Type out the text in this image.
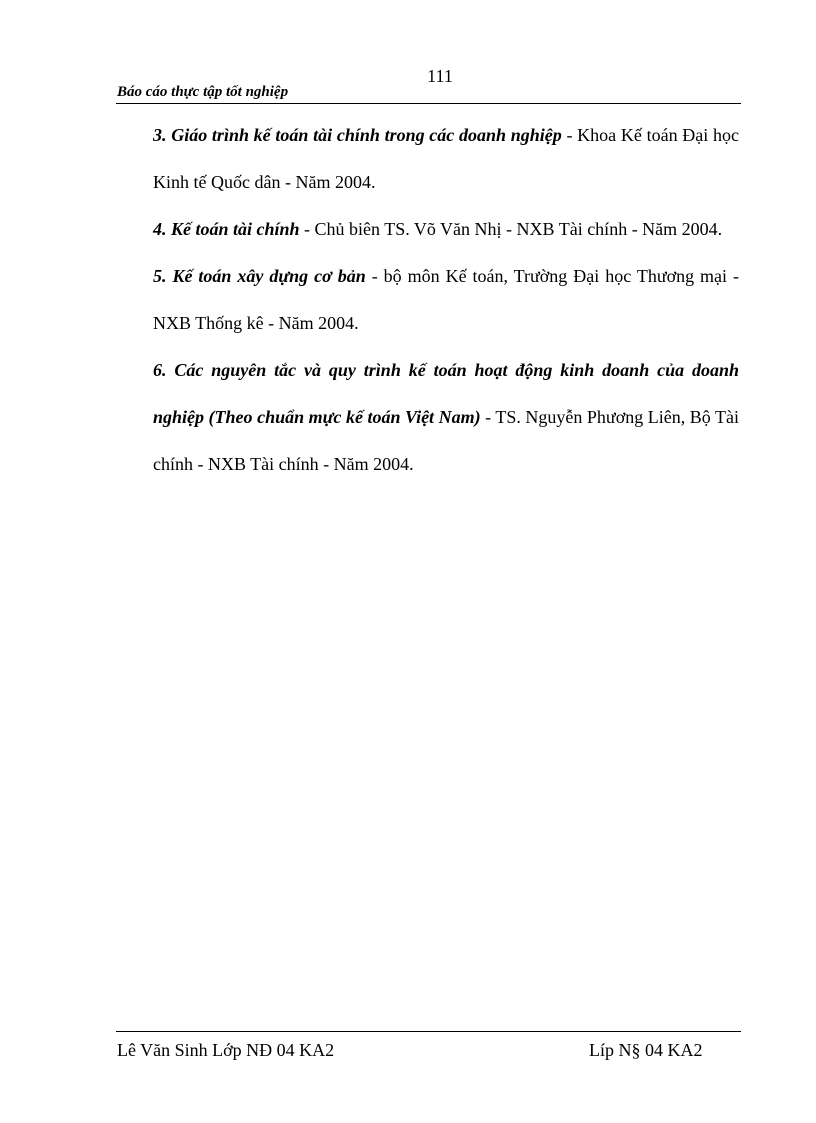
111
Báo cáo thực tập tốt nghiệp

3. Giáo trình kế toán tài chính trong các doanh nghiệp - Khoa Kế toán Đại học Kinh tế Quốc dân - Năm 2004.

4. Kế toán tài chính - Chủ biên TS. Võ Văn Nhị - NXB Tài chính - Năm 2004.

5. Kế toán xây dựng cơ bản - bộ môn Kế toán, Trường Đại học Thương mại - NXB Thống kê - Năm 2004.

6. Các nguyên tắc và quy trình kế toán hoạt động kinh doanh của doanh nghiệp (Theo chuẩn mực kế toán Việt Nam) - TS. Nguyễn Phương Liên, Bộ Tài chính - NXB Tài chính - Năm 2004.

Lê Văn Sinh Lớp NĐ 04 KA2	Líp N§ 04 KA2
